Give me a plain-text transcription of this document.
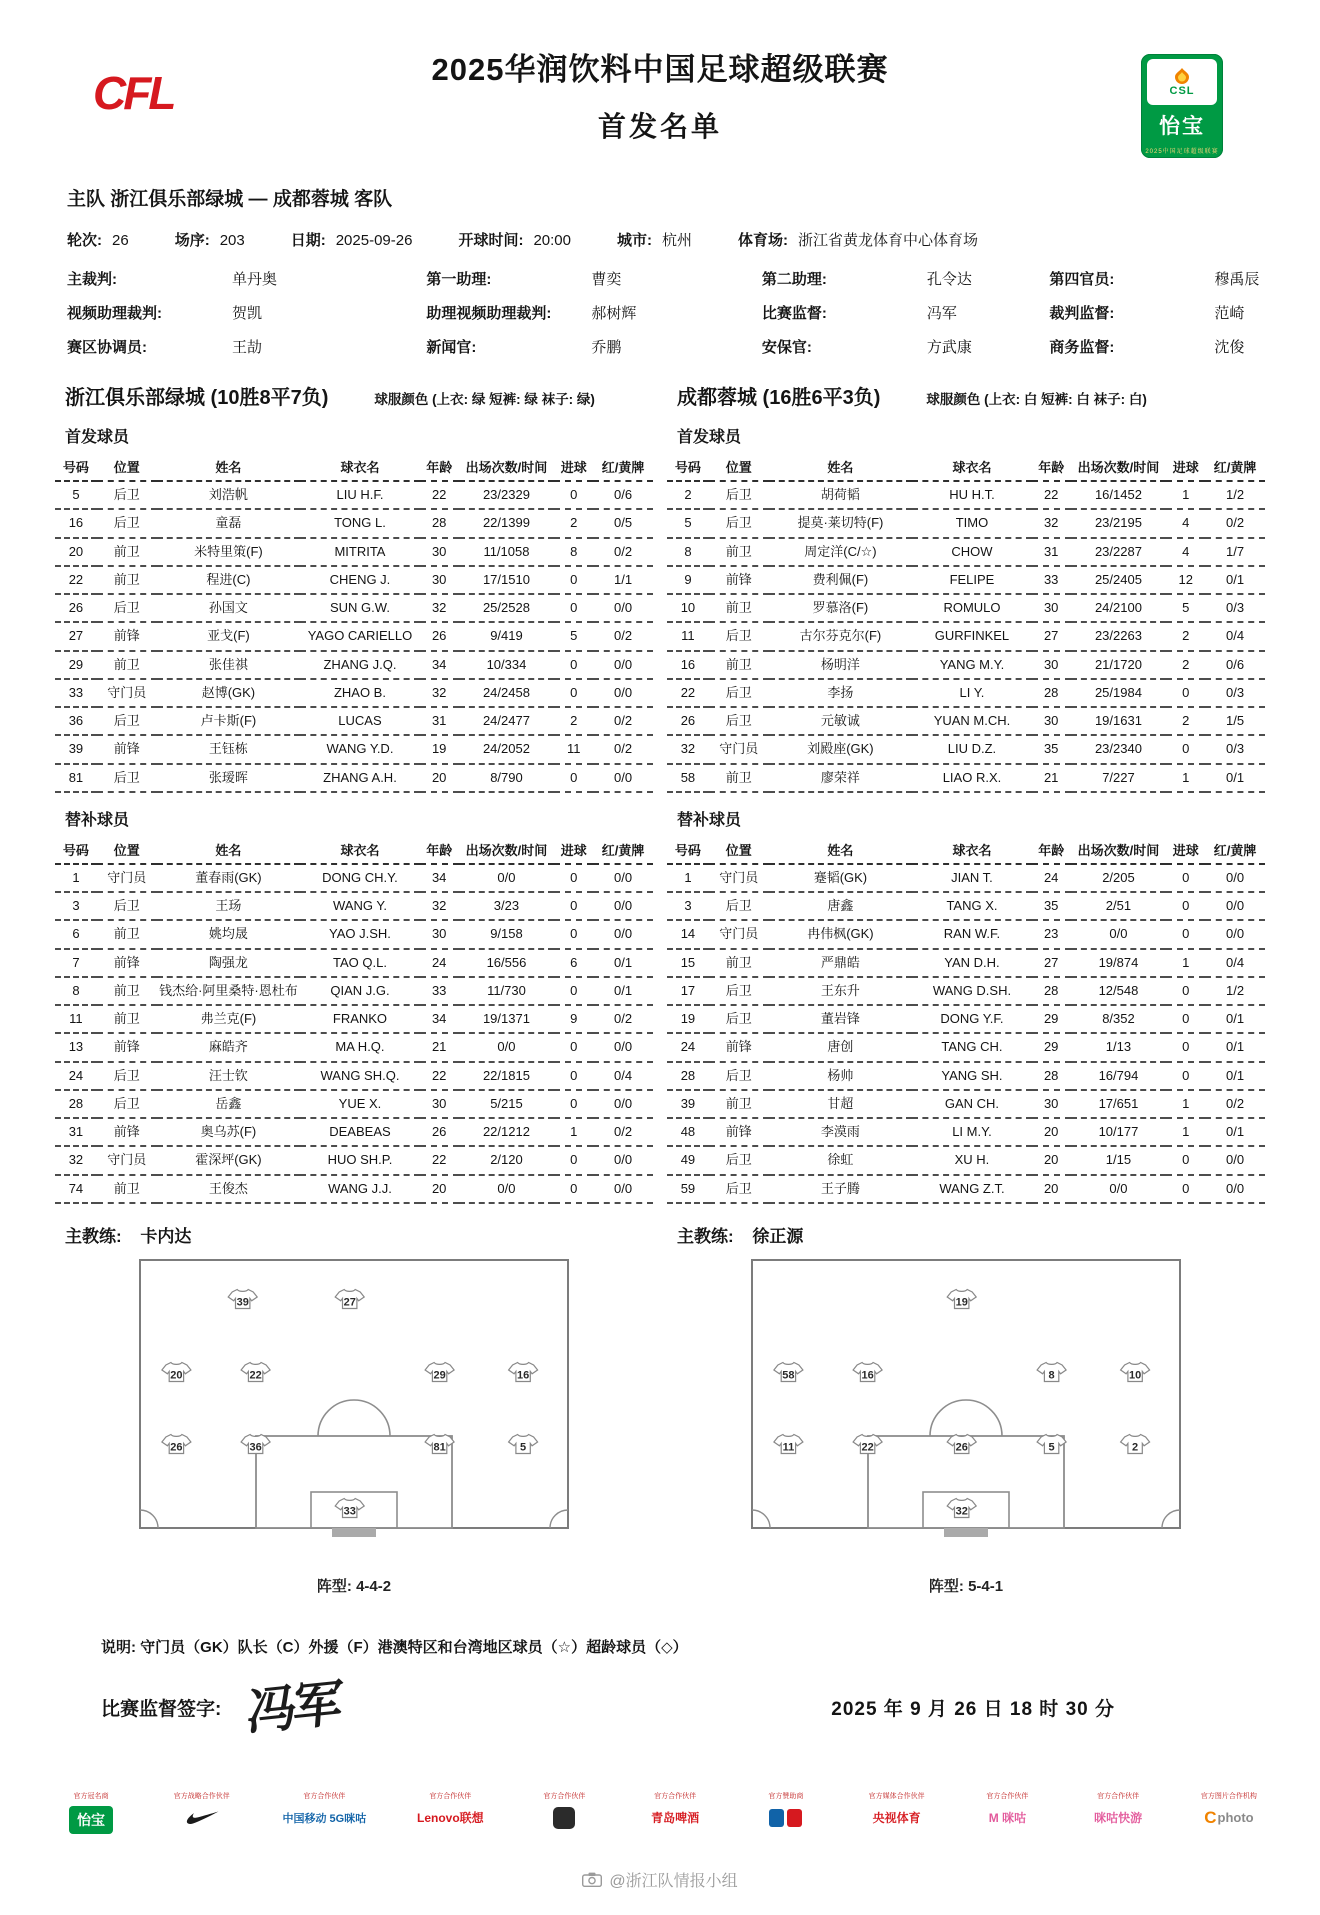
CFL	2025华润饮料中国足球超级联赛
首发名单
CSL
怡宝
2025中国足球超级联赛
主队 浙江俱乐部绿城 — 成都蓉城 客队
轮次: 26	场序: 203	日期: 2025-09-26	开球时间: 20:00	城市: 杭州	体育场: 浙江省黄龙体育中心体育场
主裁判:	单丹奥	第一助理:	曹奕	第二助理:	孔令达	第四官员:	穆禹辰
视频助理裁判:	贺凯	助理视频助理裁判:	郝树辉	比赛监督:	冯军	裁判监督:	范崎
赛区协调员:	王劼	新闻官:	乔鹏	安保官:	方武康	商务监督:	沈俊
浙江俱乐部绿城 (10胜8平7负)	球服颜色 (上衣: 绿 短裤: 绿 袜子: 绿)
首发球员
号码	位置	姓名	球衣名	年龄	出场次数/时间	进球	红/黄牌
5	后卫	刘浩帆	LIU H.F.	22	23/2329	0	0/6
16	后卫	童磊	TONG L.	28	22/1399	2	0/5
20	前卫	米特里策(F)	MITRITA	30	11/1058	8	0/2
22	前卫	程进(C)	CHENG J.	30	17/1510	0	1/1
26	后卫	孙国文	SUN G.W.	32	25/2528	0	0/0
27	前锋	亚戈(F)	YAGO CARIELLO	26	9/419	5	0/2
29	前卫	张佳祺	ZHANG J.Q.	34	10/334	0	0/0
33	守门员	赵博(GK)	ZHAO B.	32	24/2458	0	0/0
36	后卫	卢卡斯(F)	LUCAS	31	24/2477	2	0/2
39	前锋	王钰栋	WANG Y.D.	19	24/2052	11	0/2
81	后卫	张瑷晖	ZHANG A.H.	20	8/790	0	0/0
替补球员
号码	位置	姓名	球衣名	年龄	出场次数/时间	进球	红/黄牌
1	守门员	董春雨(GK)	DONG CH.Y.	34	0/0	0	0/0
3	后卫	王玚	WANG Y.	32	3/23	0	0/0
6	前卫	姚均晟	YAO J.SH.	30	9/158	0	0/0
7	前锋	陶强龙	TAO Q.L.	24	16/556	6	0/1
8	前卫	钱杰给·阿里桑特·恩杜布	QIAN J.G.	33	11/730	0	0/1
11	前卫	弗兰克(F)	FRANKO	34	19/1371	9	0/2
13	前锋	麻皓齐	MA H.Q.	21	0/0	0	0/0
24	后卫	汪士钦	WANG SH.Q.	22	22/1815	0	0/4
28	后卫	岳鑫	YUE X.	30	5/215	0	0/0
31	前锋	奥乌苏(F)	DEABEAS	26	22/1212	1	0/2
32	守门员	霍深坪(GK)	HUO SH.P.	22	2/120	0	0/0
74	前卫	王俊杰	WANG J.J.	20	0/0	0	0/0
主教练: 卡内达
39	27
20	22	29	16
26	36	81	5
33
阵型: 4-4-2
成都蓉城 (16胜6平3负)	球服颜色 (上衣: 白 短裤: 白 袜子: 白)
首发球员
号码	位置	姓名	球衣名	年龄	出场次数/时间	进球	红/黄牌
2	后卫	胡荷韬	HU H.T.	22	16/1452	1	1/2
5	后卫	提莫·莱切特(F)	TIMO	32	23/2195	4	0/2
8	前卫	周定洋(C/☆)	CHOW	31	23/2287	4	1/7
9	前锋	费利佩(F)	FELIPE	33	25/2405	12	0/1
10	前卫	罗慕洛(F)	ROMULO	30	24/2100	5	0/3
11	后卫	古尔芬克尔(F)	GURFINKEL	27	23/2263	2	0/4
16	前卫	杨明洋	YANG M.Y.	30	21/1720	2	0/6
22	后卫	李扬	LI Y.	28	25/1984	0	0/3
26	后卫	元敏诚	YUAN M.CH.	30	19/1631	2	1/5
32	守门员	刘殿座(GK)	LIU D.Z.	35	23/2340	0	0/3
58	前卫	廖荣祥	LIAO R.X.	21	7/227	1	0/1
替补球员
号码	位置	姓名	球衣名	年龄	出场次数/时间	进球	红/黄牌
1	守门员	蹇韬(GK)	JIAN T.	24	2/205	0	0/0
3	后卫	唐鑫	TANG X.	35	2/51	0	0/0
14	守门员	冉伟枫(GK)	RAN W.F.	23	0/0	0	0/0
15	前卫	严鼎皓	YAN D.H.	27	19/874	1	0/4
17	后卫	王东升	WANG D.SH.	28	12/548	0	1/2
19	后卫	董岩锋	DONG Y.F.	29	8/352	0	0/1
24	前锋	唐创	TANG CH.	29	1/13	0	0/1
28	后卫	杨帅	YANG SH.	28	16/794	0	0/1
39	前卫	甘超	GAN CH.	30	17/651	1	0/2
48	前锋	李漠雨	LI M.Y.	20	10/177	1	0/1
49	后卫	徐虹	XU H.	20	1/15	0	0/0
59	后卫	王子腾	WANG Z.T.	20	0/0	0	0/0
主教练: 徐正源
19
58	16	8	10
11	22	26	5	2
32
阵型: 5-4-1
说明: 守门员（GK）队长（C）外援（F）港澳特区和台湾地区球员（☆）超龄球员（◇）
比赛监督签字: 冯军	2025 年 9 月 26 日 18 时 30 分
官方冠名商
怡宝
官方战略合作伙伴	官方合作伙伴
中国移动 5G咪咕
官方合作伙伴
Lenovo联想
官方合作伙伴	官方合作伙伴
青岛啤酒
官方赞助商	官方媒体合作伙伴
央视体育
官方合作伙伴
M 咪咕
官方合作伙伴
咪咕快游
官方图片合作机构
C photo
@浙江队情报小组
